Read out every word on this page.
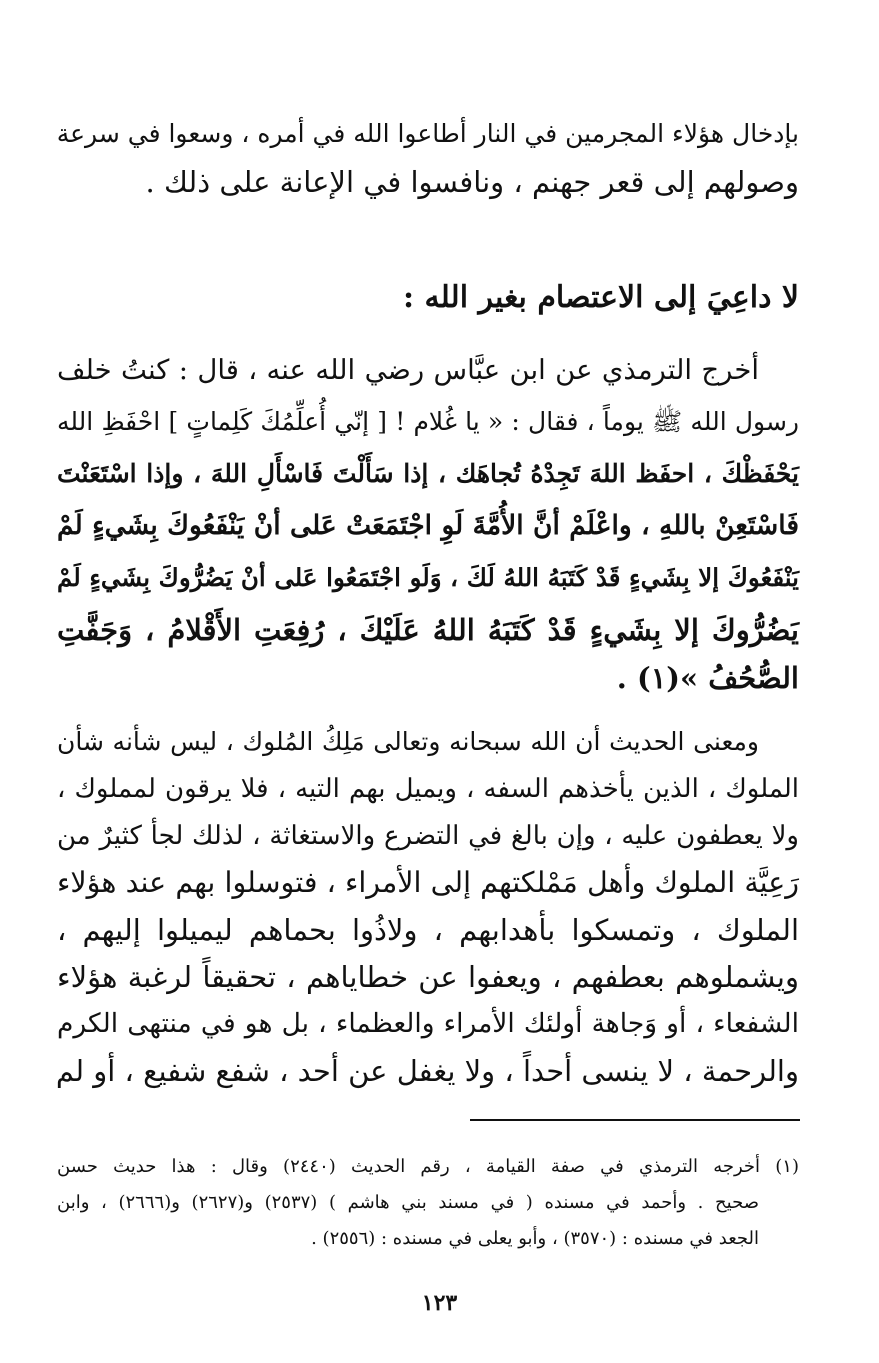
بإدخال هؤلاء المجرمين في النار أطاعوا الله في أمره ، وسعوا في سرعة
وصولهم إلى قعر جهنم ، ونافسوا في الإعانة على ذلك .
لا داعِيَ إلى الاعتصام بغير الله :
أخرج الترمذي عن ابن عبَّاس رضي الله عنه ، قال : كنتُ خلف
رسول الله ﷺ يوماً ، فقال : « يا غُلام ! [ إنّي أُعلِّمُكَ كَلِماتٍ ] احْفَظِ الله
يَحْفَظْكَ ، احفَظ اللهَ تَجِدْهُ تُجاهَك ، إذا سَأَلْتَ فَاسْأَلِ اللهَ ، وإذا اسْتَعَنْتَ
فَاسْتَعِنْ باللهِ ، واعْلَمْ أنَّ الأُمَّةَ لَوِ اجْتَمَعَتْ عَلى أنْ يَنْفَعُوكَ بِشَيءٍ لَمْ
يَنْفَعُوكَ إلا بِشَيءٍ قَدْ كَتَبَهُ اللهُ لَكَ ، وَلَو اجْتَمَعُوا عَلى أنْ يَضُرُّوكَ بِشَيءٍ لَمْ
يَضُرُّوكَ إلا بِشَيءٍ قَدْ كَتَبَهُ اللهُ عَلَيْكَ ، رُفِعَتِ الأَقْلامُ ، وَجَفَّتِ
الصُّحُفُ »(١) .
ومعنى الحديث أن الله سبحانه وتعالى مَلِكُ المُلوك ، ليس شأنه شأن
الملوك ، الذين يأخذهم السفه ، ويميل بهم التيه ، فلا يرقون لمملوك ،
ولا يعطفون عليه ، وإن بالغ في التضرع والاستغاثة ، لذلك لجأ كثيرٌ من
رَعِيَّة الملوك وأهل مَمْلكتهم إلى الأمراء ، فتوسلوا بهم عند هؤلاء
الملوك ، وتمسكوا بأهدابهم ، ولاذُوا بحماهم ليميلوا إليهم ،
ويشملوهم بعطفهم ، ويعفوا عن خطاياهم ، تحقيقاً لرغبة هؤلاء
الشفعاء ، أو وَجاهة أولئك الأمراء والعظماء ، بل هو في منتهى الكرم
والرحمة ، لا ينسى أحداً ، ولا يغفل عن أحد ، شفع شفيع ، أو لم
(١) أخرجه الترمذي في صفة القيامة ، رقم الحديث (٢٤٤٠) وقال : هذا حديث حسن
صحيح . وأحمد في مسنده ( في مسند بني هاشم ) (٢٥٣٧) و(٢٦٢٧) و(٢٦٦٦) ، وابن
الجعد في مسنده : (٣٥٧٠) ، وأبو يعلى في مسنده : (٢٥٥٦) .
١٢٣
